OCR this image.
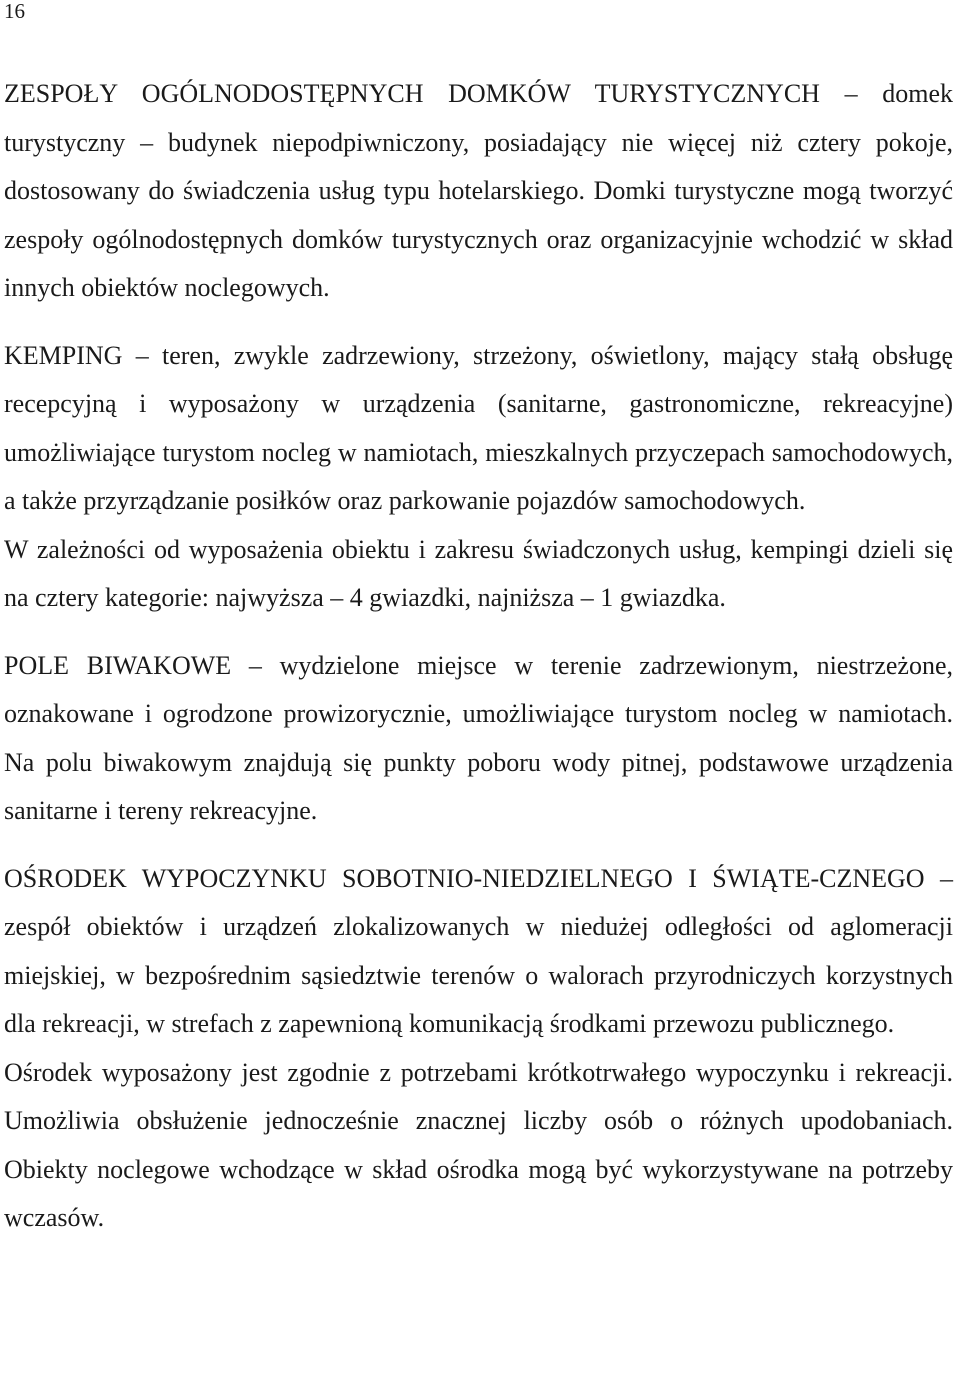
16

ZESPOŁY OGÓLNODOSTĘPNYCH DOMKÓW TURYSTYCZNYCH – domek turystyczny – budynek niepodpiwniczony, posiadający nie więcej niż cztery pokoje, dostosowany do świadczenia usług typu hotelarskiego. Domki turystyczne mogą tworzyć zespoły ogólnodostępnych domków turystycznych oraz organizacyjnie wchodzić w skład innych obiektów noclegowych.

KEMPING – teren, zwykle zadrzewiony, strzeżony, oświetlony, mający stałą obsługę recepcyjną i wyposażony w urządzenia (sanitarne, gastronomiczne, rekreacyjne) umożliwiające turystom nocleg w namiotach, mieszkalnych przyczepach samochodowych, a także przyrządzanie posiłków oraz parkowanie pojazdów samochodowych.

W zależności od wyposażenia obiektu i zakresu świadczonych usług, kempingi dzieli się na cztery kategorie: najwyższa – 4 gwiazdki, najniższa – 1 gwiazdka.

POLE BIWAKOWE – wydzielone miejsce w terenie zadrzewionym, niestrzeżone, oznakowane i ogrodzone prowizorycznie, umożliwiające turystom nocleg w namiotach. Na polu biwakowym znajdują się punkty poboru wody pitnej, podstawowe urządzenia sanitarne i tereny rekreacyjne.

OŚRODEK WYPOCZYNKU SOBOTNIO-NIEDZIELNEGO I ŚWIĄTE-CZNEGO – zespół obiektów i urządzeń zlokalizowanych w niedużej odległości od aglomeracji miejskiej, w bezpośrednim sąsiedztwie terenów o walorach przyrodniczych korzystnych dla rekreacji, w strefach z zapewnioną komunikacją środkami przewozu publicznego.

Ośrodek wyposażony jest zgodnie z potrzebami krótkotrwałego wypoczynku i rekreacji. Umożliwia obsłużenie jednocześnie znacznej liczby osób o różnych upodobaniach. Obiekty noclegowe wchodzące w skład ośrodka mogą być wykorzystywane na potrzeby wczasów.
